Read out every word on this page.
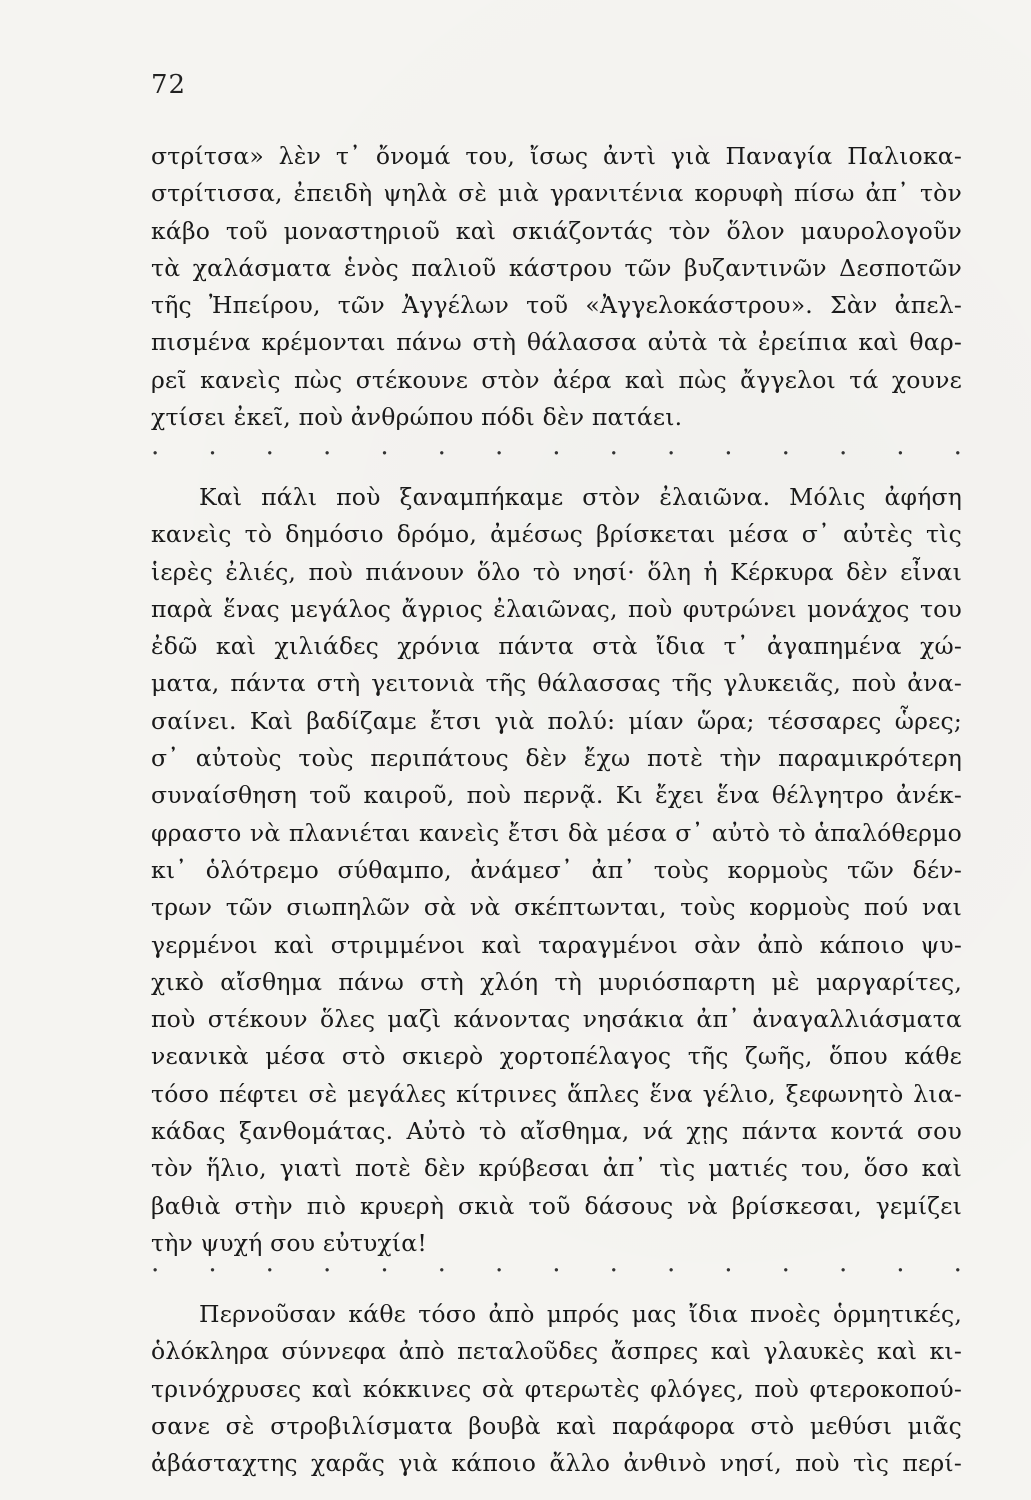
72
στρίτσα» λὲν τ᾿ ὄνομά του, ἴσως ἀντὶ γιὰ Παναγία Παλιοκα-
στρίτισσα, ἐπειδὴ ψηλὰ σὲ μιὰ γρανιτένια κορυφὴ πίσω ἀπ᾿ τὸν
κάβο τοῦ μοναστηριοῦ καὶ σκιάζοντάς τὸν ὅλον μαυρολογοῦν
τὰ χαλάσματα ἑνὸς παλιοῦ κάστρου τῶν βυζαντινῶν Δεσποτῶν
τῆς Ἠπείρου, τῶν Ἀγγέλων τοῦ «Ἀγγελοκάστρου». Σὰν ἀπελ-
πισμένα κρέμονται πάνω στὴ θάλασσα αὐτὰ τὰ ἐρείπια καὶ θαρ-
ρεῖ κανεὶς πὼς στέκουνε στὸν ἀέρα καὶ πὼς ἄγγελοι τά χουνε
χτίσει ἐκεῖ, ποὺ ἀνθρώπου πόδι δὲν πατάει.
. . . . . . . . . . . . . . .
Καὶ πάλι ποὺ ξαναμπήκαμε στὸν ἐλαιῶνα. Μόλις ἀφήση
κανεὶς τὸ δημόσιο δρόμο, ἀμέσως βρίσκεται μέσα σ᾿ αὐτὲς τὶς
ἱερὲς ἐλιές, ποὺ πιάνουν ὅλο τὸ νησί· ὅλη ἡ Κέρκυρα δὲν εἶναι
παρὰ ἕνας μεγάλος ἄγριος ἐλαιῶνας, ποὺ φυτρώνει μονάχος του
ἐδῶ καὶ χιλιάδες χρόνια πάντα στὰ ἴδια τ᾿ ἀγαπημένα χώ-
ματα, πάντα στὴ γειτονιὰ τῆς θάλασσας τῆς γλυκειᾶς, ποὺ ἀνα-
σαίνει. Καὶ βαδίζαμε ἔτσι γιὰ πολύ: μίαν ὥρα; τέσσαρες ὧρες;
σ᾿ αὐτοὺς τοὺς περιπάτους δὲν ἔχω ποτὲ τὴν παραμικρότερη
συναίσθηση τοῦ καιροῦ, ποὺ περνᾷ. Κι ἔχει ἕνα θέλγητρο ἀνέκ-
φραστο νὰ πλανιέται κανεὶς ἔτσι δὰ μέσα σ᾿ αὐτὸ τὸ ἁπαλόθερμο
κι᾿ ὁλότρεμο σύθαμπο, ἀνάμεσ᾿ ἀπ᾿ τοὺς κορμοὺς τῶν δέν-
τρων τῶν σιωπηλῶν σὰ νὰ σκέπτωνται, τοὺς κορμοὺς πού ναι
γερμένοι καὶ στριμμένοι καὶ ταραγμένοι σὰν ἀπὸ κάποιο ψυ-
χικὸ αἴσθημα πάνω στὴ χλόη τὴ μυριόσπαρτη μὲ μαργαρίτες,
ποὺ στέκουν ὅλες μαζὶ κάνοντας νησάκια ἀπ᾿ ἀναγαλλιάσματα
νεανικὰ μέσα στὸ σκιερὸ χορτοπέλαγος τῆς ζωῆς, ὅπου κάθε
τόσο πέφτει σὲ μεγάλες κίτρινες ἅπλες ἕνα γέλιο, ξεφωνητὸ λια-
κάδας ξανθομάτας. Αὐτὸ τὸ αἴσθημα, νά χῃς πάντα κοντά σου
τὸν ἥλιο, γιατὶ ποτὲ δὲν κρύβεσαι ἀπ᾿ τὶς ματιές του, ὅσο καὶ
βαθιὰ στὴν πιὸ κρυερὴ σκιὰ τοῦ δάσους νὰ βρίσκεσαι, γεμίζει
τὴν ψυχή σου εὐτυχία!
. . . . . . . . . . . . . . .
Περνοῦσαν κάθε τόσο ἀπὸ μπρός μας ἴδια πνοὲς ὁρμητικές,
ὁλόκληρα σύννεφα ἀπὸ πεταλοῦδες ἄσπρες καὶ γλαυκὲς καὶ κι-
τρινόχρυσες καὶ κόκκινες σὰ φτερωτὲς φλόγες, ποὺ φτεροκοπού-
σανε σὲ στροβιλίσματα βουβὰ καὶ παράφορα στὸ μεθύσι μιᾶς
ἀβάσταχτης χαρᾶς γιὰ κάποιο ἄλλο ἀνθινὸ νησί, ποὺ τὶς περί-
